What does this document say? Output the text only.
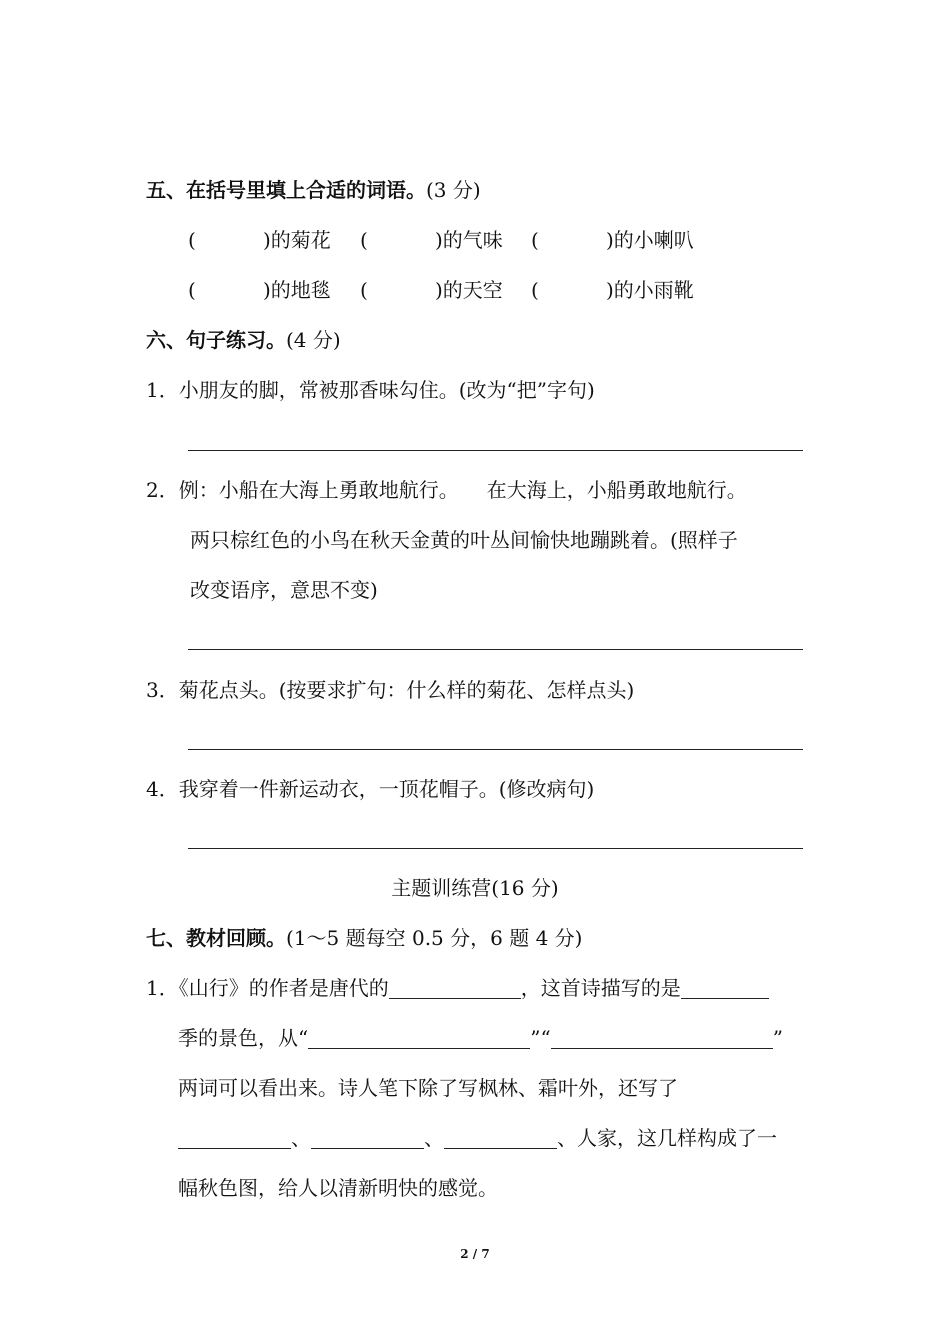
五、在括号里填上合适的词语。(3 分)
(	)的菊花 (	)的气味 (	)的小喇叭
(	)的地毯 (	)的天空 (	)的小雨靴
六、句子练习。(4 分)
1．小朋友的脚，常被那香味勾住。(改为“把”字句)
2．例：小船在大海上勇敢地航行。 在大海上，小船勇敢地航行。
两只棕红色的小鸟在秋天金黄的叶丛间愉快地蹦跳着。(照样子
改变语序，意思不变)
3．菊花点头。(按要求扩句：什么样的菊花、怎样点头)
4．我穿着一件新运动衣，一顶花帽子。(修改病句)
主题训练营(16 分)
七、教材回顾。(1～5 题每空 0.5 分，6 题 4 分)
1．《山行》的作者是唐代的	，这首诗描写的是
季的景色，从“	”“	”
两词可以看出来。诗人笔下除了写枫林、霜叶外，还写了
、	、	、人家，这几样构成了一
幅秋色图，给人以清新明快的感觉。
2 / 7
